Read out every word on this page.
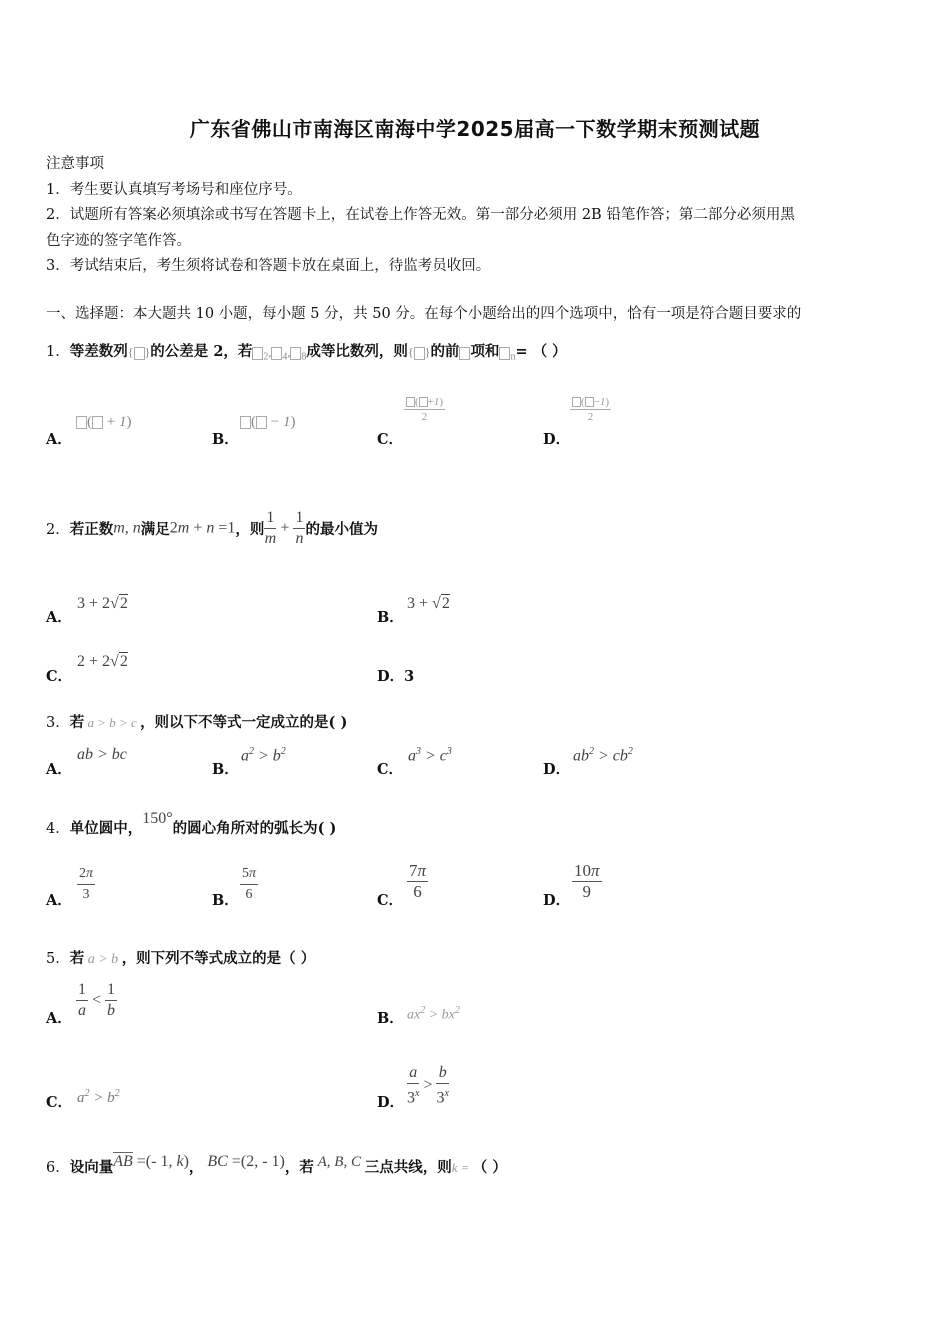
广东省佛山市南海区南海中学2025届高一下数学期末预测试题
注意事项
1．考生要认真填写考场号和座位序号。
2．试题所有答案必须填涂或书写在答题卡上，在试卷上作答无效。第一部分必须用 2B 铅笔作答；第二部分必须用黑
色字迹的签字笔作答。
3．考试结束后，考生须将试卷和答题卡放在桌面上，待监考员收回。
一、选择题：本大题共 10 小题，每小题 5 分，共 50 分。在每个小题给出的四个选项中，恰有一项是符合题目要求的
1．等差数列{ }的公差是 2，若 $_2$, $_4$, $_8$成等比数列，则{ }的前 项和 $_n$= （ ）
A．
( + 1)
B．
( − 1)
C．
$\frac{( +1)}{2}$
D．
$\frac{( -1)}{2}$
2．若正数m, n满足2m + n =1，则 $\frac{1}{m} + \frac{1}{n}$ 的最小值为
A．
3 + 2√2
B．
3 + √2
C．
2 + 2√2
D．3
3．若 a > b > c ，则以下不等式一定成立的是( )
A．
ab > bc
B．
$a^2 > b^2$
C．
$a^3 > c^3$
D．
$ab^2 > cb^2$
4．单位圆中，150°的圆心角所对的弧长为( )
A． $\frac{2\pi}{3}$	B． $\frac{5\pi}{6}$	C． $\frac{7\pi}{6}$	D． $\frac{10\pi}{9}$
5．若 a > b ，则下列不等式成立的是（ ）
A． $\frac{1}{a} < \frac{1}{b}$	B． $ax^2 > bx^2$
C． $a^2 > b^2$
D． $\frac{a}{3^x} > \frac{b}{3^x}$
6．设向量AB =(- 1, k)， BC =(2, - 1)，若 A, B, C 三点共线，则k = （ ）
